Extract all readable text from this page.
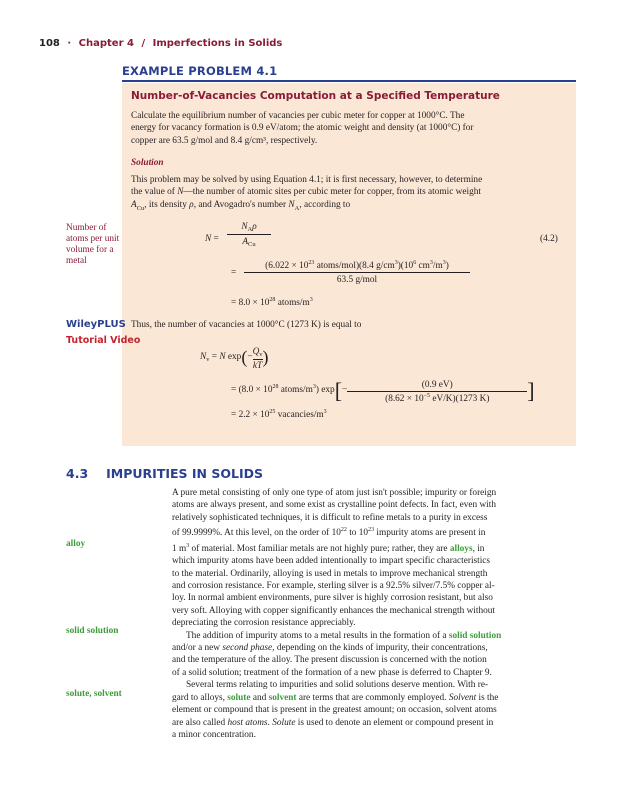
108 · Chapter 4 / Imperfections in Solids
EXAMPLE PROBLEM 4.1
Number-of-Vacancies Computation at a Specified Temperature
Calculate the equilibrium number of vacancies per cubic meter for copper at 1000°C. The
energy for vacancy formation is 0.9 eV/atom; the atomic weight and density (at 1000°C) for
copper are 63.5 g/mol and 8.4 g/cm³, respectively.
Solution
This problem may be solved by using Equation 4.1; it is first necessary, however, to determine
the value of N—the number of atomic sites per cubic meter for copper, from its atomic weight
$A_{Cu}$, its density ρ, and Avogadro's number $N_A$, according to
Number of atoms per unit volume for a metal
WileyPLUS
Tutorial Video
N =
$N_A\rho$
$A_{Cu}$
(4.2)
=
($6.022 \times 10^{23}$ atoms/mol)(8.4 $g/cm^3)(10^6$ $cm^3/m^3$)
63.5 g/mol
= $8.0 \times 10^{28}$ atoms/$m^3$
Thus, the number of vacancies at 1000°C (1273 K) is equal to
$N_v = N$ $\exp(- \frac{Q_v}{kT}$ )
= ($8.0 \times 10^{28}$ atoms/$m^3$) $\exp[- \frac{(0.9 eV)}{(8.62 \times 10^{-5} eV/K)(1273 K)}$ ]
= $2.2 \times 10^{25}$ vacancies/$m^3$
4.3 IMPURITIES IN SOLIDS
A pure metal consisting of only one type of atom just isn't possible; impurity or foreign
atoms are always present, and some exist as crystalline point defects. In fact, even with
relatively sophisticated techniques, it is difficult to refine metals to a purity in excess
of 99.9999%. At this level, on the order of $10^{22}$ to $10^{23}$ impurity atoms are present in
1 $m^3$ of material. Most familiar metals are not highly pure; rather, they are alloys, in
which impurity atoms have been added intentionally to impart specific characteristics
to the material. Ordinarily, alloying is used in metals to improve mechanical strength
and corrosion resistance. For example, sterling silver is a 92.5% silver/7.5% copper al-
loy. In normal ambient environments, pure silver is highly corrosion resistant, but also
very soft. Alloying with copper significantly enhances the mechanical strength without
depreciating the corrosion resistance appreciably.
The addition of impurity atoms to a metal results in the formation of a solid solution
and/or a new second phase, depending on the kinds of impurity, their concentrations,
and the temperature of the alloy. The present discussion is concerned with the notion
of a solid solution; treatment of the formation of a new phase is deferred to Chapter 9.
Several terms relating to impurities and solid solutions deserve mention. With re-
gard to alloys, solute and solvent are terms that are commonly employed. Solvent is the
element or compound that is present in the greatest amount; on occasion, solvent atoms
are also called host atoms. Solute is used to denote an element or compound present in
a minor concentration.
alloy
solid solution
solute, solvent
